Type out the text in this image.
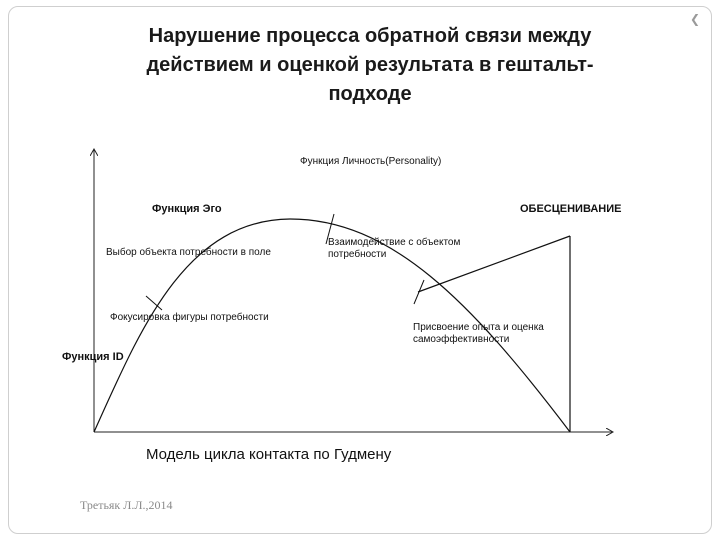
❮
Нарушение процесса обратной связи между
действием и оценкой результата в гештальт-
подходе
Функция Личность(Personality)
Функция Эго	ОБЕСЦЕНИВАНИЕ
Выбор объекта потребности в поле
Взаимодействие с объектом потребности
Фокусировка фигуры потребности
Присвоение опыта и оценка самоэффективности
Функция ID
Модель цикла контакта по Гудмену
Третьяк Л.Л.,2014
